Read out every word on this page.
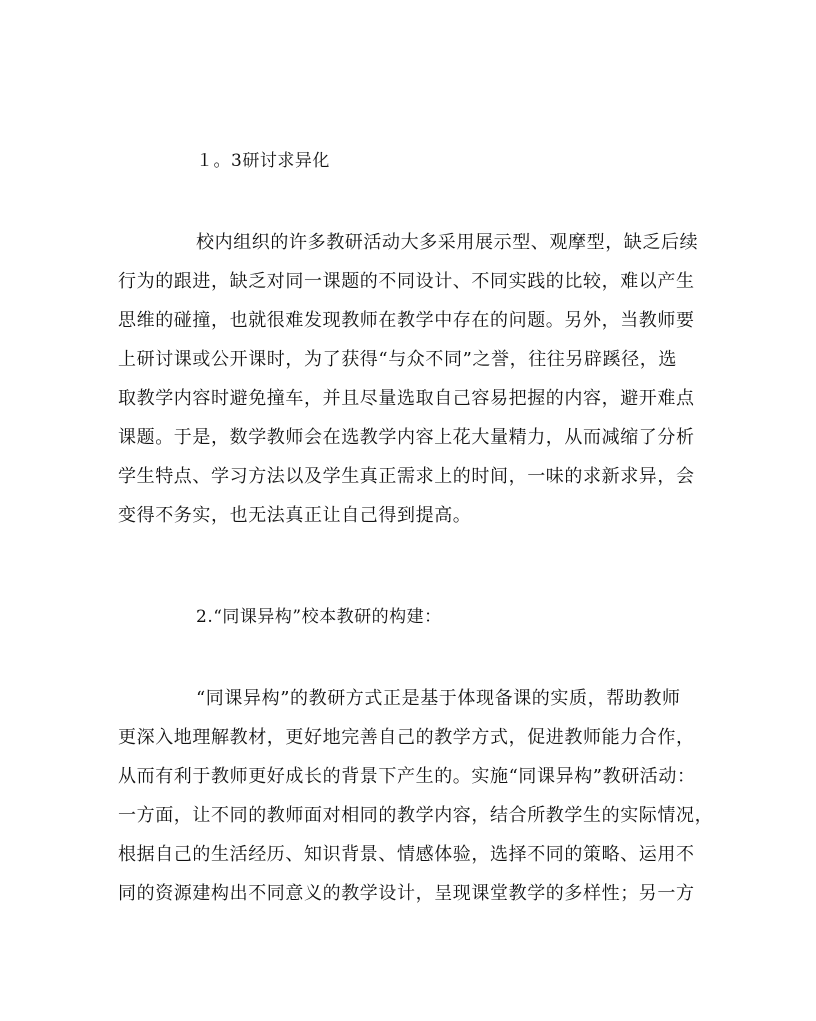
１。3研讨求异化
校内组织的许多教研活动大多采用展示型、观摩型，缺乏后续
行为的跟进，缺乏对同一课题的不同设计、不同实践的比较，难以产生
思维的碰撞，也就很难发现教师在教学中存在的问题。另外，当教师要
上研讨课或公开课时，为了获得“与众不同”之誉，往往另辟蹊径，选
取教学内容时避免撞车，并且尽量选取自己容易把握的内容，避开难点
课题。于是，数学教师会在选教学内容上花大量精力，从而减缩了分析
学生特点、学习方法以及学生真正需求上的时间，一味的求新求异，会
变得不务实，也无法真正让自己得到提高。
2.“同课异构”校本教研的构建：
“同课异构”的教研方式正是基于体现备课的实质，帮助教师
更深入地理解教材，更好地完善自己的教学方式，促进教师能力合作，
从而有利于教师更好成长的背景下产生的。实施“同课异构”教研活动：
一方面，让不同的教师面对相同的教学内容，结合所教学生的实际情况，
根据自己的生活经历、知识背景、情感体验，选择不同的策略、运用不
同的资源建构出不同意义的教学设计，呈现课堂教学的多样性；另一方
